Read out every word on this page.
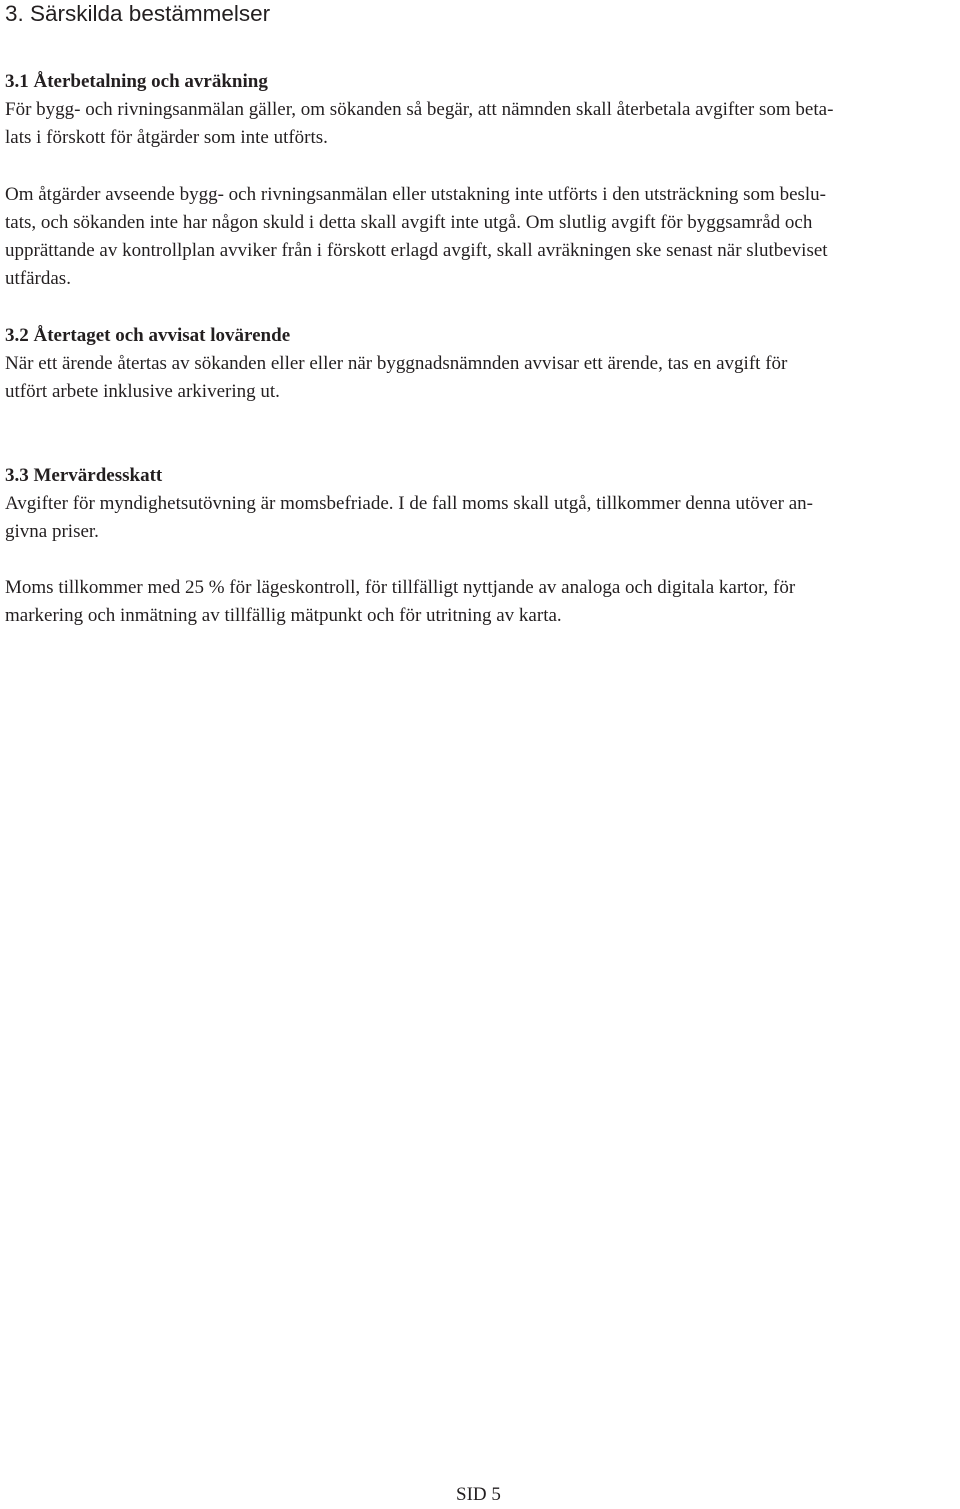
3. Särskilda bestämmelser
3.1 Återbetalning och avräkning
För bygg- och rivningsanmälan gäller, om sökanden så begär, att nämnden skall återbetala avgifter som beta-
lats i förskott för åtgärder som inte utförts.
Om åtgärder avseende bygg- och rivningsanmälan eller utstakning inte utförts i den utsträckning som beslu-
tats, och sökanden inte har någon skuld i detta skall avgift inte utgå. Om slutlig avgift för byggsamråd och
upprättande av kontrollplan avviker från i förskott erlagd avgift, skall avräkningen ske senast när slutbeviset
utfärdas.
3.2 Återtaget och avvisat lovärende
När ett ärende återtas av sökanden eller eller när byggnadsnämnden avvisar ett ärende, tas en avgift för
utfört arbete inklusive arkivering ut.
3.3 Mervärdesskatt
Avgifter för myndighetsutövning är momsbefriade. I de fall moms skall utgå, tillkommer denna utöver an-
givna priser.
Moms tillkommer med 25 % för lägeskontroll, för tillfälligt nyttjande av analoga och digitala kartor, för
markering och inmätning av tillfällig mätpunkt och för utritning av karta.
SID 5
